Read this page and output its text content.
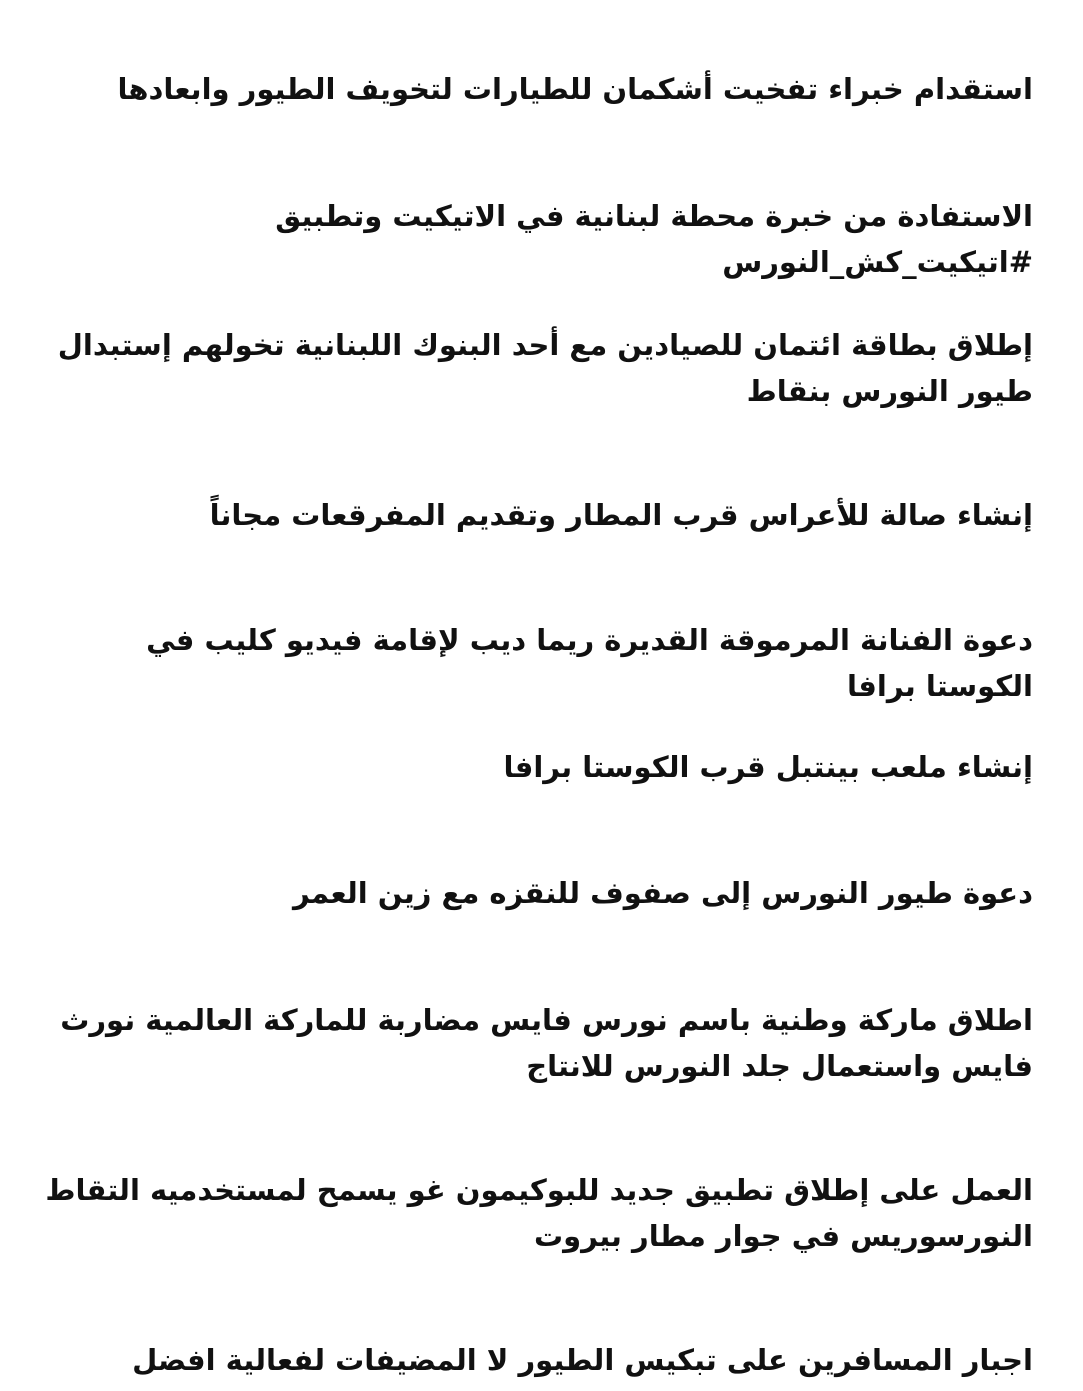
استقدام خبراء تفخيت أشكمان للطيارات لتخويف الطيور وابعادها

الاستفادة من خبرة محطة لبنانية في الاتيكيت وتطبيق #اتيكيت_كش_النورس

إطلاق بطاقة ائتمان للصيادين مع أحد البنوك اللبنانية تخولهم إستبدال طيور النورس بنقاط

إنشاء صالة للأعراس قرب المطار وتقديم المفرقعات مجاناً

دعوة الفنانة المرموقة القديرة ريما ديب لإقامة فيديو كليب في الكوستا برافا

إنشاء ملعب بينتبل قرب الكوستا برافا

دعوة طيور النورس إلى صفوف للنقزه مع زين العمر

اطلاق ماركة وطنية باسم نورس فايس مضاربة للماركة العالمية نورث فايس واستعمال جلد النورس للانتاج

العمل على إطلاق تطبيق جديد للبوكيمون غو يسمح لمستخدميه التقاط النورسوريس في جوار مطار بيروت

اجبار المسافرين على تبكيس الطيور لا المضيفات لفعالية افضل
